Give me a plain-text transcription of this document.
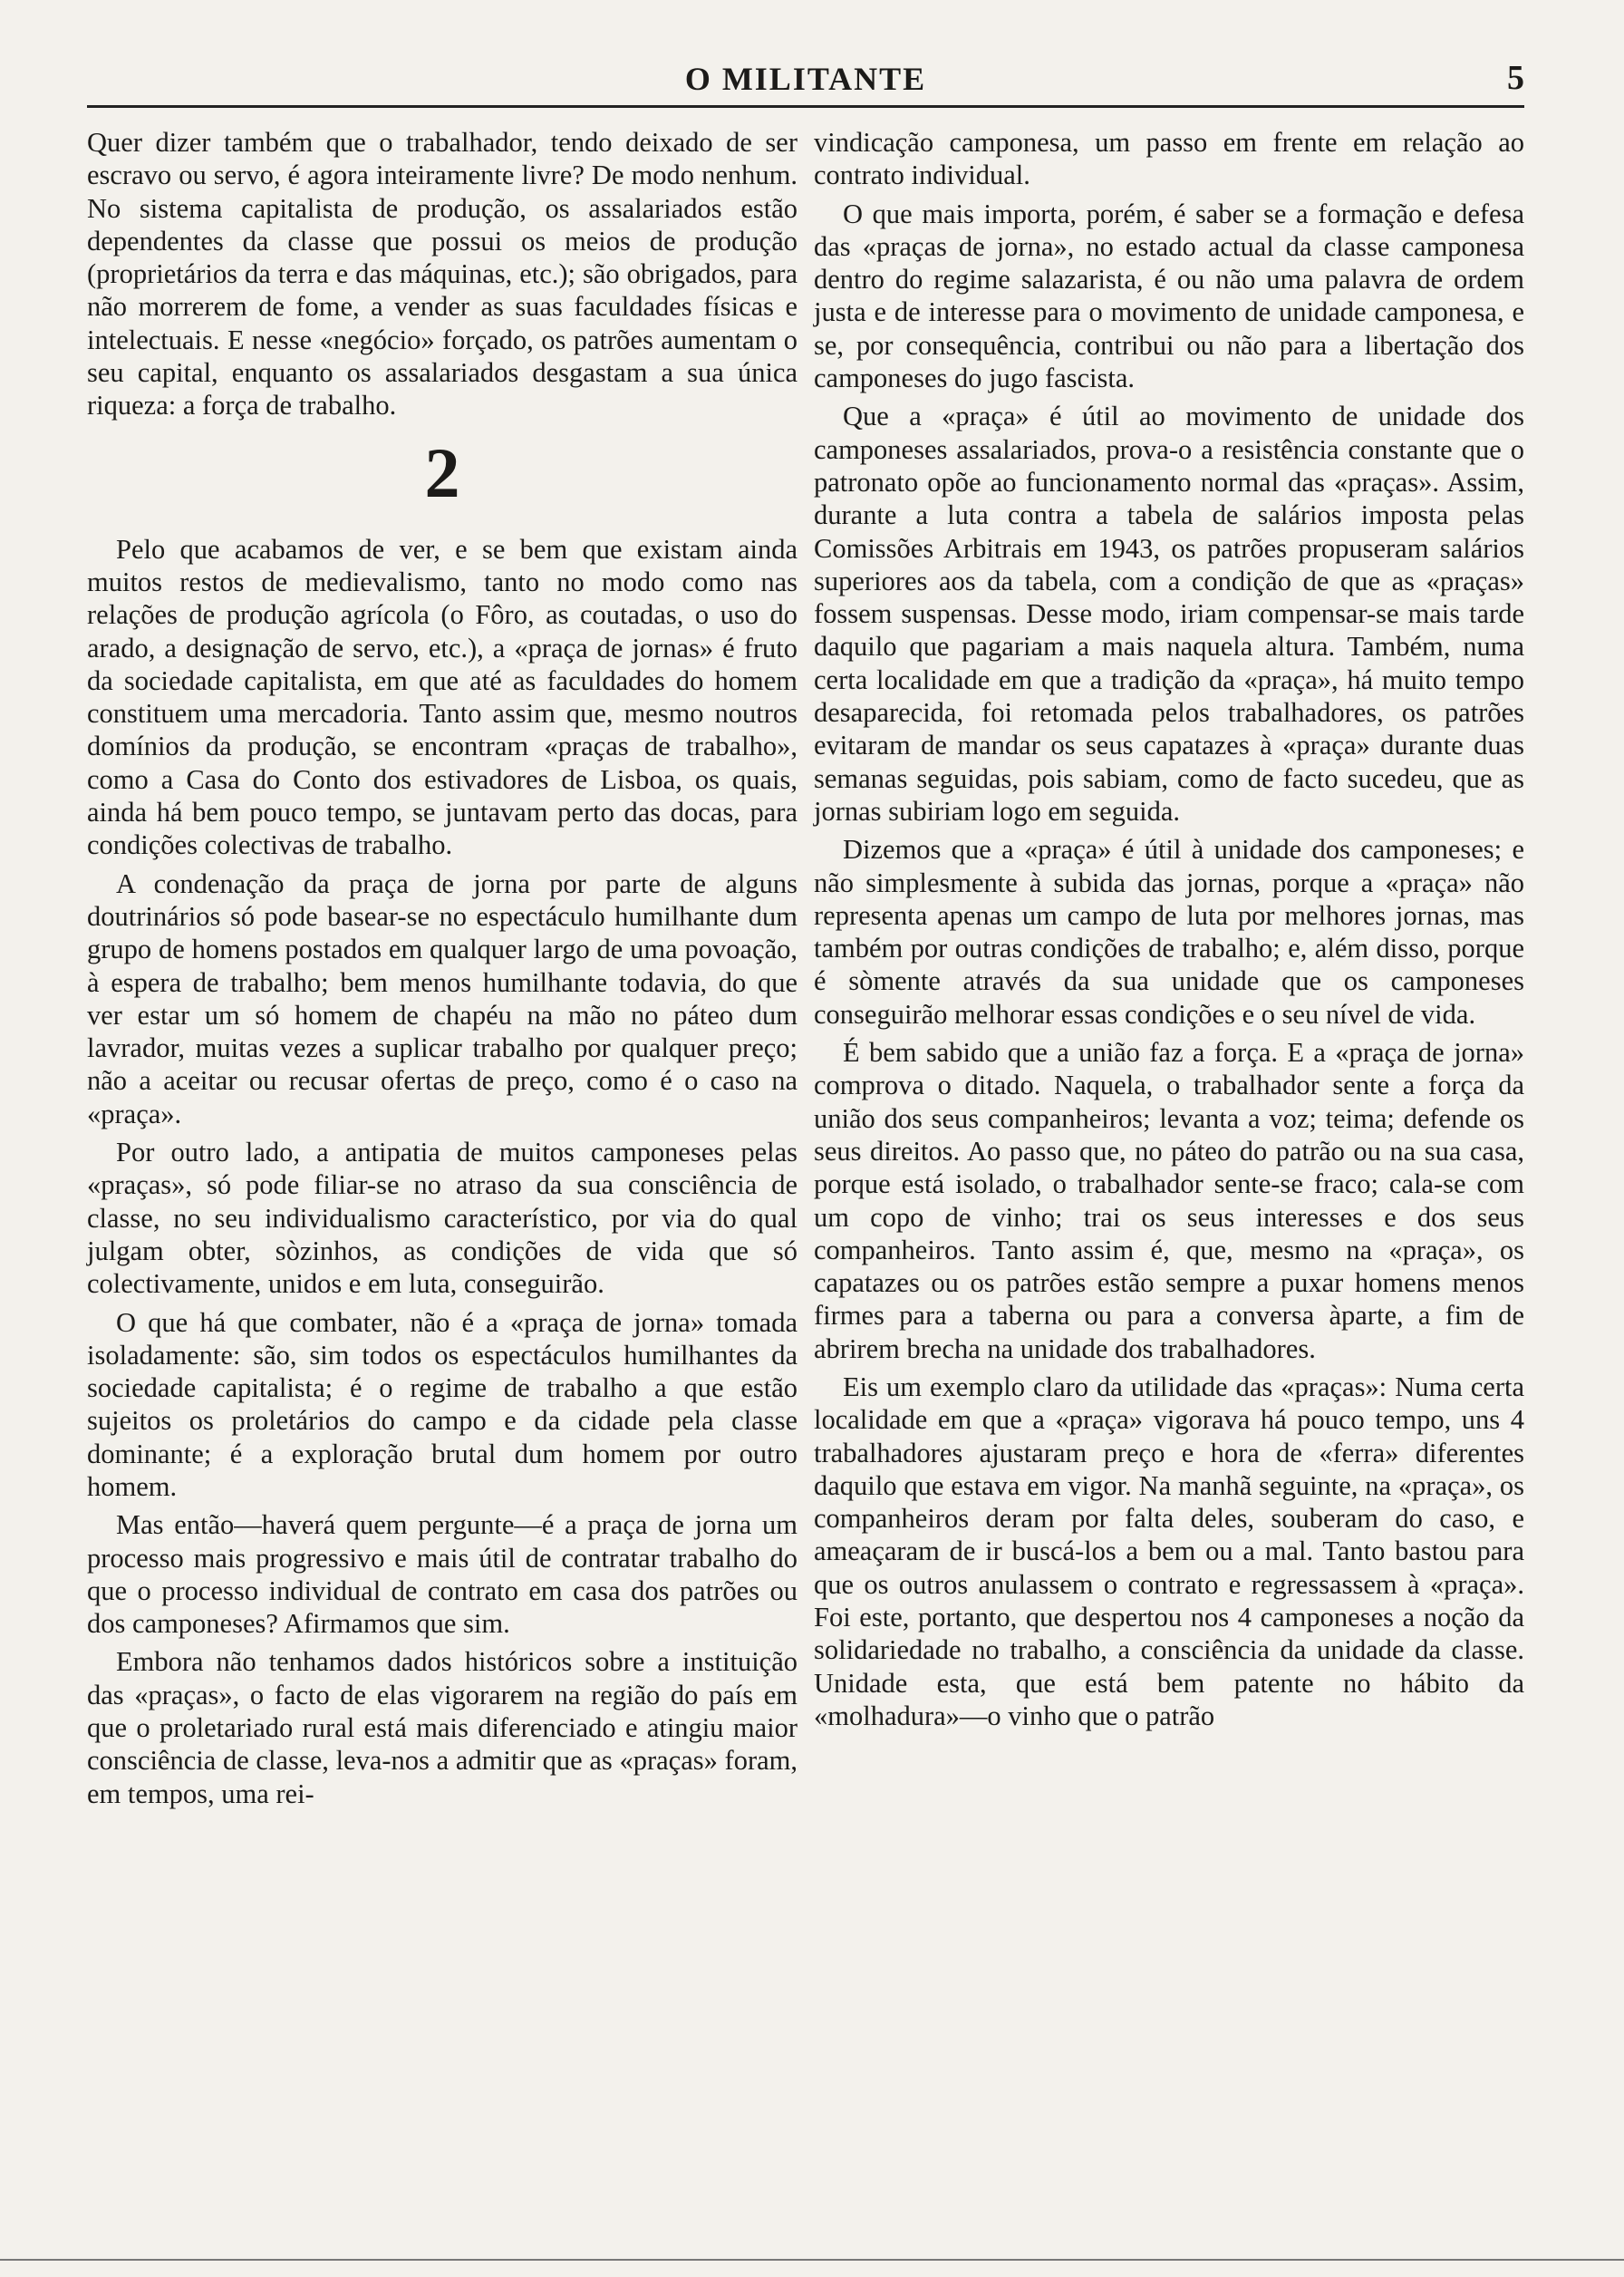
O MILITANTE	5

Quer dizer também que o trabalhador, tendo deixado de ser escravo ou servo, é agora inteiramente livre? De modo nenhum. No sistema capitalista de produção, os assalariados estão dependentes da classe que possui os meios de produção (proprietários da terra e das máquinas, etc.); são obrigados, para não morrerem de fome, a vender as suas faculdades físicas e intelectuais. E nesse «negócio» forçado, os patrões aumentam o seu capital, enquanto os assalariados desgastam a sua única riqueza: a força de trabalho.

2

Pelo que acabamos de ver, e se bem que existam ainda muitos restos de medievalismo, tanto no modo como nas relações de produção agrícola (o Fôro, as coutadas, o uso do arado, a designação de servo, etc.), a «praça de jornas» é fruto da sociedade capitalista, em que até as faculdades do homem constituem uma mercadoria. Tanto assim que, mesmo noutros domínios da produção, se encontram «praças de trabalho», como a Casa do Conto dos estivadores de Lisboa, os quais, ainda há bem pouco tempo, se juntavam perto das docas, para condições colectivas de trabalho.

A condenação da praça de jorna por parte de alguns doutrinários só pode basear-se no espectáculo humilhante dum grupo de homens postados em qualquer largo de uma povoação, à espera de trabalho; bem menos humilhante todavia, do que ver estar um só homem de chapéu na mão no páteo dum lavrador, muitas vezes a suplicar trabalho por qualquer preço; não a aceitar ou recusar ofertas de preço, como é o caso na «praça».

Por outro lado, a antipatia de muitos camponeses pelas «praças», só pode filiar-se no atraso da sua consciência de classe, no seu individualismo característico, por via do qual julgam obter, sòzinhos, as condições de vida que só colectivamente, unidos e em luta, conseguirão.

O que há que combater, não é a «praça de jorna» tomada isoladamente: são, sim todos os espectáculos humilhantes da sociedade capitalista; é o regime de trabalho a que estão sujeitos os proletários do campo e da cidade pela classe dominante; é a exploração brutal dum homem por outro homem.

Mas então—haverá quem pergunte—é a praça de jorna um processo mais progressivo e mais útil de contratar trabalho do que o processo individual de contrato em casa dos patrões ou dos camponeses? Afirmamos que sim.

Embora não tenhamos dados históricos sobre a instituição das «praças», o facto de elas vigorarem na região do país em que o proletariado rural está mais diferenciado e atingiu maior consciência de classe, leva-nos a admitir que as «praças» foram, em tempos, uma rei-

vindicação camponesa, um passo em frente em relação ao contrato individual.

O que mais importa, porém, é saber se a formação e defesa das «praças de jorna», no estado actual da classe camponesa dentro do regime salazarista, é ou não uma palavra de ordem justa e de interesse para o movimento de unidade camponesa, e se, por consequência, contribui ou não para a libertação dos camponeses do jugo fascista.

Que a «praça» é útil ao movimento de unidade dos camponeses assalariados, prova-o a resistência constante que o patronato opõe ao funcionamento normal das «praças». Assim, durante a luta contra a tabela de salários imposta pelas Comissões Arbitrais em 1943, os patrões propuseram salários superiores aos da tabela, com a condição de que as «praças» fossem suspensas. Desse modo, iriam compensar-se mais tarde daquilo que pagariam a mais naquela altura. Também, numa certa localidade em que a tradição da «praça», há muito tempo desaparecida, foi retomada pelos trabalhadores, os patrões evitaram de mandar os seus capatazes à «praça» durante duas semanas seguidas, pois sabiam, como de facto sucedeu, que as jornas subiriam logo em seguida.

Dizemos que a «praça» é útil à unidade dos camponeses; e não simplesmente à subida das jornas, porque a «praça» não representa apenas um campo de luta por melhores jornas, mas também por outras condições de trabalho; e, além disso, porque é sòmente através da sua unidade que os camponeses conseguirão melhorar essas condições e o seu nível de vida.

É bem sabido que a união faz a força. E a «praça de jorna» comprova o ditado. Naquela, o trabalhador sente a força da união dos seus companheiros; levanta a voz; teima; defende os seus direitos. Ao passo que, no páteo do patrão ou na sua casa, porque está isolado, o trabalhador sente-se fraco; cala-se com um copo de vinho; trai os seus interesses e dos seus companheiros. Tanto assim é, que, mesmo na «praça», os capatazes ou os patrões estão sempre a puxar homens menos firmes para a taberna ou para a conversa àparte, a fim de abrirem brecha na unidade dos trabalhadores.

Eis um exemplo claro da utilidade das «praças»: Numa certa localidade em que a «praça» vigorava há pouco tempo, uns 4 trabalhadores ajustaram preço e hora de «ferra» diferentes daquilo que estava em vigor. Na manhã seguinte, na «praça», os companheiros deram por falta deles, souberam do caso, e ameaçaram de ir buscá-los a bem ou a mal. Tanto bastou para que os outros anulassem o contrato e regressassem à «praça». Foi este, portanto, que despertou nos 4 camponeses a noção da solidariedade no trabalho, a consciência da unidade da classe. Unidade esta, que está bem patente no hábito da «molhadura»—o vinho que o patrão
